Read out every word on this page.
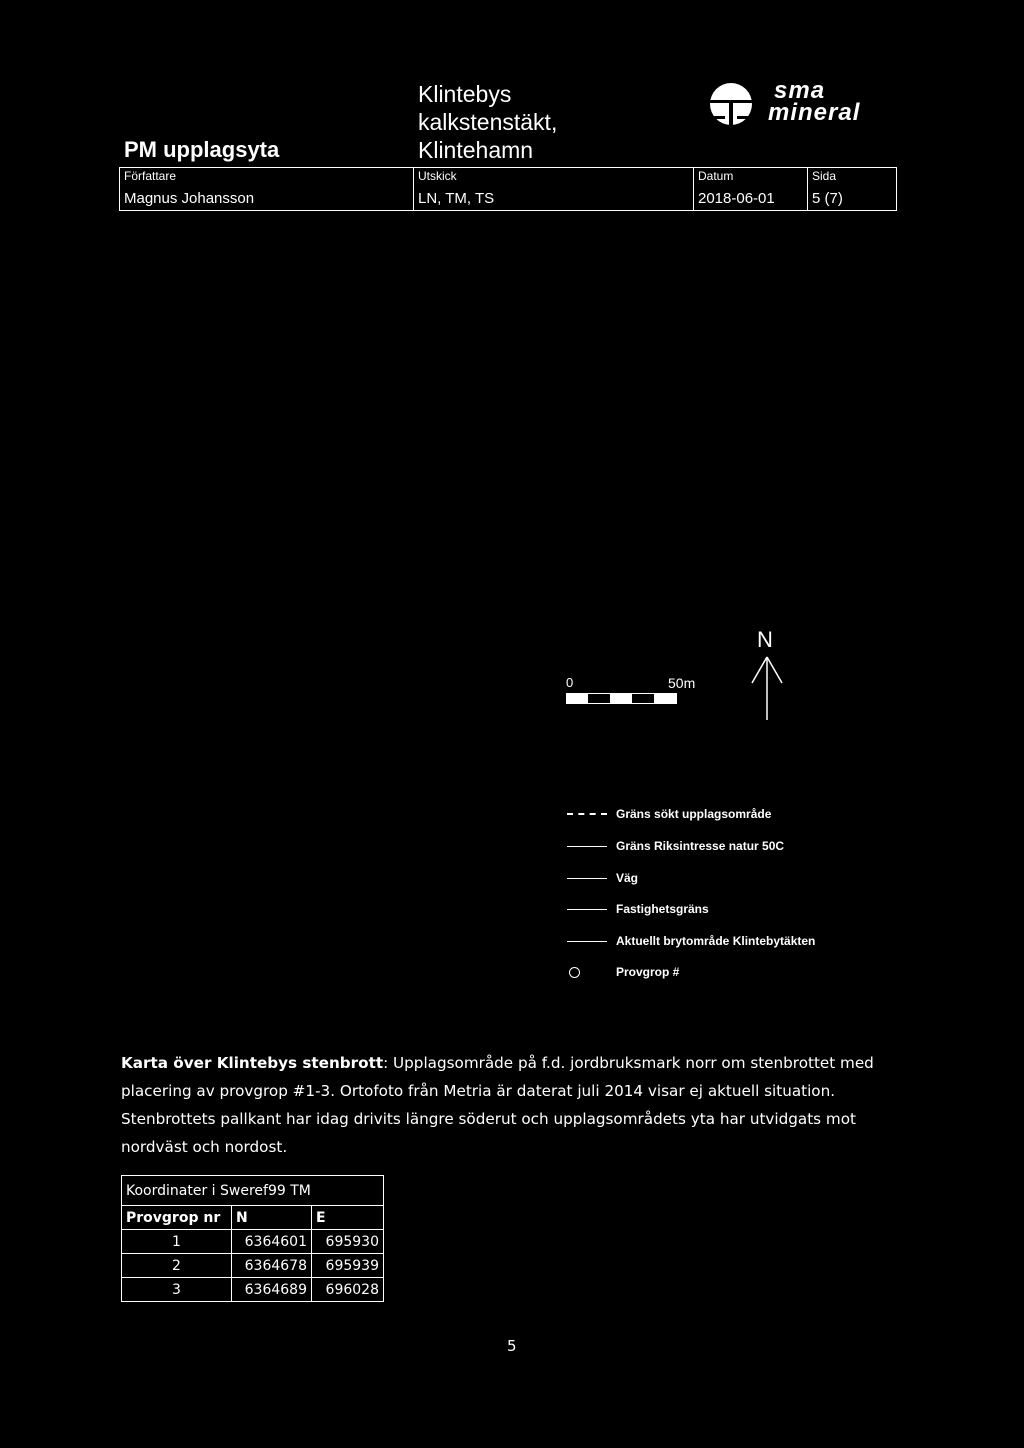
PM upplagsyta
Klintebys
kalkstenstäkt,
Klintehamn
sma
mineral
Författare
Magnus Johansson
Utskick
LN, TM, TS
Datum
2018-06-01
Sida
5 (7)
N
0	50m
Gräns sökt upplagsområde
Gräns Riksintresse natur 50C
Väg
Fastighetsgräns
Aktuellt brytområde Klintebytäkten
Provgrop #
Karta över Klintebys stenbrott: Upplagsområde på f.d. jordbruksmark norr om stenbrottet med placering av provgrop #1-3. Ortofoto från Metria är daterat juli 2014 visar ej aktuell situation. Stenbrottets pallkant har idag drivits längre söderut och upplagsområdets yta har utvidgats mot nordväst och nordost.
Koordinater i Sweref99 TM		
Provgrop nr	N	E
1	6364601	695930
2	6364678	695939
3	6364689	696028
5
